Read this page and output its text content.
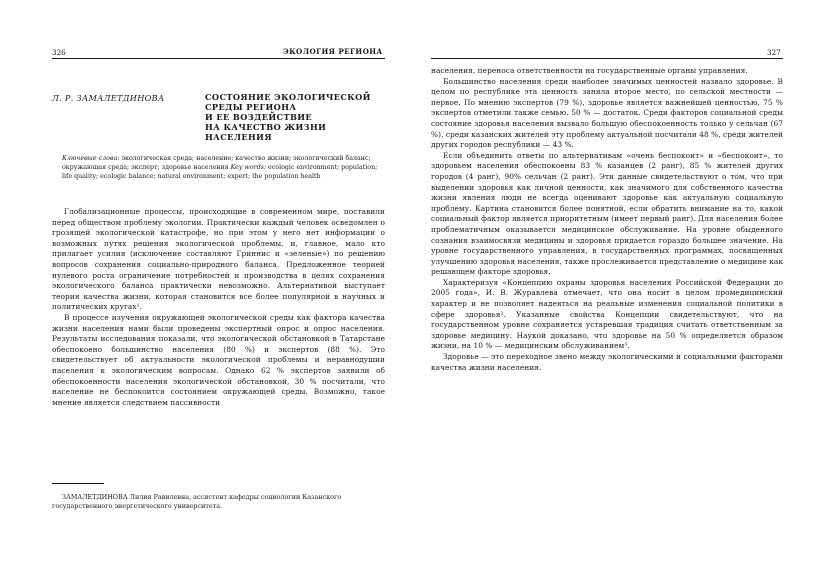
326	ЭКОЛОГИЯ РЕГИОНА
Л. Р. ЗАМАЛЕТДИНОВА	СОСТОЯНИЕ ЭКОЛОГИЧЕСКОЙ
СРЕДЫ РЕГИОНА
И ЕЕ ВОЗДЕЙСТВИЕ
НА КАЧЕСТВО ЖИЗНИ
НАСЕЛЕНИЯ
Ключевые слова: экологическая среда; население; качество жизни; экологический баланс; окружающая среда; эксперт; здоровье населения Key words: ecologic environment; population; life quality; ecologic balance; natural environment; expert; the population health

Глобализационные процессы, происходящие в современном мире, поставили перед обществом проблему экологии. Практически каждый человек осведомлен о грозящей экологической катастрофе, но при этом у него нет информации о возможных путях решения экологической проблемы, и, главное, мало кто прилагает усилия (исключение составляют Гриннис и «зеленые») по решению вопросов сохранения социально-природного баланса. Предложенное теорией нулевого роста ограничение потребностей и производства в целях сохранения экологического баланса практически невозможно. Альтернативой выступает теория качества жизни, которая становится все более популярной в научных и политических кругах¹.

В процессе изучения окружающей экологической среды как фактора качества жизни населения нами были проведены экспертный опрос и опрос населения. Результаты исследования показали, что экологической обстановкой в Татарстане обеспокоено большинство населения (80 %) и экспертов (88 %). Это свидетельствует об актуальности экологической проблемы и неравнодушии населения к экологическим вопросам. Однако 62 % экспертов заявили об обеспокоенности населения экологической обстановкой, 30 % посчитали, что население не беспокоится состоянием окружающей среды. Возможно, такое мнение является следствием пассивности

ЗАМАЛЕТДИНОВА Лилия Равилевна, ассистент кафедры социологии Казанского государственного энергетического университета.
327

населения, переноса ответственности на государственные органы управления.

Большинство населения среди наиболее значимых ценностей назвало здоровье. В целом по республике эта ценность заняла второе место, по сельской местности — первое. По мнению экспертов (79 %), здоровье является важнейшей ценностью, 75 % экспертов отметили также семью, 50 % — достаток. Среди факторов социальной среды состояние здоровья населения вызвало большую обеспокоенность только у сельчан (67 %), среди казанских жителей эту проблему актуальной посчитали 48 %, среди жителей других городов республики — 43 %.

Если объединить ответы по альтернативам «очень беспокоит» и «беспокоит», то здоровьем населения обеспокоены 83 % казанцев (2 ранг), 85 % жителей других городов (4 ранг), 90% сельчан (2 ранг). Эти данные свидетельствуют о том, что при выделении здоровья как личной ценности, как значимого для собственного качества жизни явления люди не всегда оценивают здоровье как актуальную социальную проблему. Картина становится более понятной, если обратить внимание на то, какой социальный фактор является приоритетным (имеет первый ранг). Для населения более проблематичным оказывается медицинское обслуживание. На уровне обыденного сознания взаимосвязи медицины и здоровья придается гораздо большее значение. На уровне государственного управления, в государственных программах, посвященных улучшению здоровья населения, также прослеживается представление о медицине как решающем факторе здоровья.

Характеризуя «Концепцию охраны здоровья населения Российской Федерации до 2005 года», И. В. Журавлева отмечает, что она носит в целом промедицинский характер и не позволяет надеяться на реальные изменения социальной политики в сфере здоровья². Указанные свойства Концепции свидетельствуют, что на государственном уровне сохраняется устаревшая традиция считать ответственным за здоровье медицину. Наукой доказано, что здоровье на 50 % определяется образом жизни, на 10 % — медицинским обслуживанием³.

Здоровье — это переходное звено между экологическими и социальными факторами качества жизни населения.
